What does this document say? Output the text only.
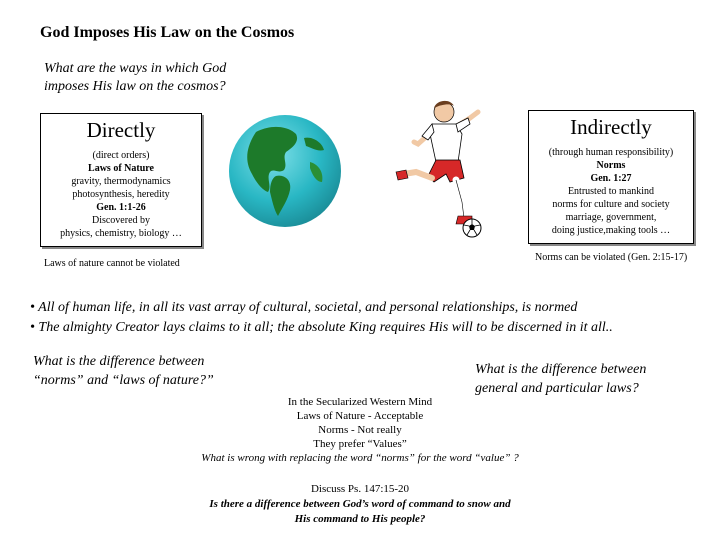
God Imposes His Law on the Cosmos
What are the ways in which God
imposes His law on the cosmos?
Directly
(direct orders)
Laws of Nature
gravity, thermodynamics
photosynthesis, heredity
Gen. 1:1-26
Discovered by
physics, chemistry, biology …
Indirectly
(through human responsibility)
Norms
Gen. 1:27
Entrusted to mankind
norms for culture and society
marriage, government,
doing justice,making tools …
Laws of nature cannot be violated
Norms can be violated (Gen. 2:15-17)
• All of human life, in all its vast array of cultural, societal, and personal relationships, is normed
• The almighty Creator lays claims to it all; the absolute King requires His will to be discerned in it all..
What is the difference between
“norms” and “laws of nature?”
What is the difference between
general and particular laws?
In the Secularized Western Mind
Laws of Nature - Acceptable
Norms - Not really
They prefer “Values”
What is wrong with replacing the word “norms” for the word “value” ?
Discuss Ps. 147:15-20
Is there a difference between God’s word of command to snow and
His command to His people?
